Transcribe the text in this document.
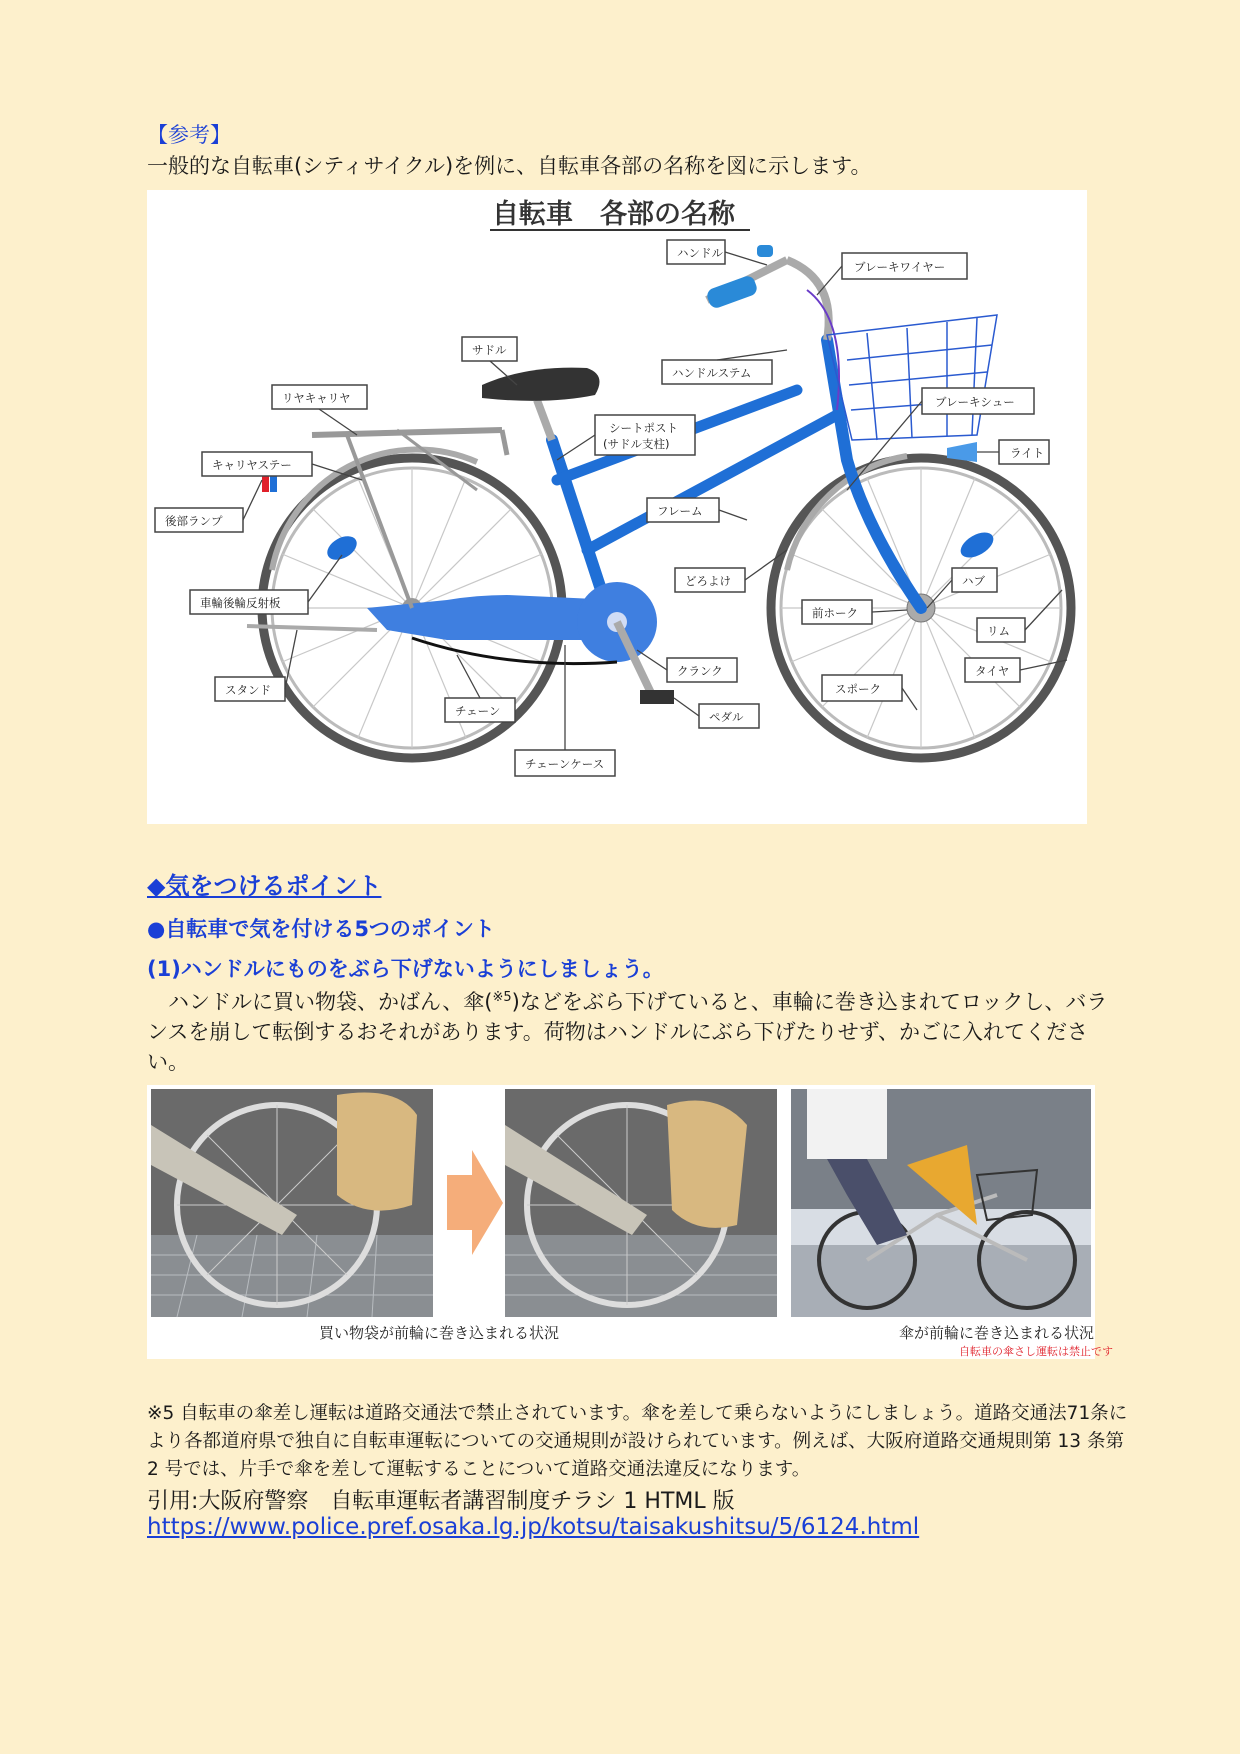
【参考】
一般的な自転車(シティサイクル)を例に、自転車各部の名称を図に示します。
自転車　各部の名称
ハンドル
ブレーキワイヤー
サドル
ハンドルステム
リヤキャリヤ
シートポスト
(サドル支柱)
ブレーキシュー
キャリヤステー
ライト
後部ランプ
フレーム
どろよけ	ハブ
車輪後輪反射板
前ホーク
リム
スタンド
クランク	タイヤ
チェーン
スポーク
ペダル
チェーンケース
◆気をつけるポイント
●自転車で気を付ける5つのポイント
(1)ハンドルにものをぶら下げないようにしましょう。
　ハンドルに買い物袋、かばん、傘($^{※5}$)などをぶら下げていると、車輪に巻き込まれてロックし、バランスを崩して転倒するおそれがあります。荷物はハンドルにぶら下げたりせず、かごに入れてください。
買い物袋が前輪に巻き込まれる状況	傘が前輪に巻き込まれる状況
自転車の傘さし運転は禁止です
※5 自転車の傘差し運転は道路交通法で禁止されています。傘を差して乗らないようにしましょう。道路交通法71条により各都道府県で独自に自転車運転についての交通規則が設けられています。例えば、大阪府道路交通規則第 13 条第 2 号では、片手で傘を差して運転することについて道路交通法違反になります。
引用:大阪府警察　自転車運転者講習制度チラシ 1 HTML 版
https://www.police.pref.osaka.lg.jp/kotsu/taisakushitsu/5/6124.html
